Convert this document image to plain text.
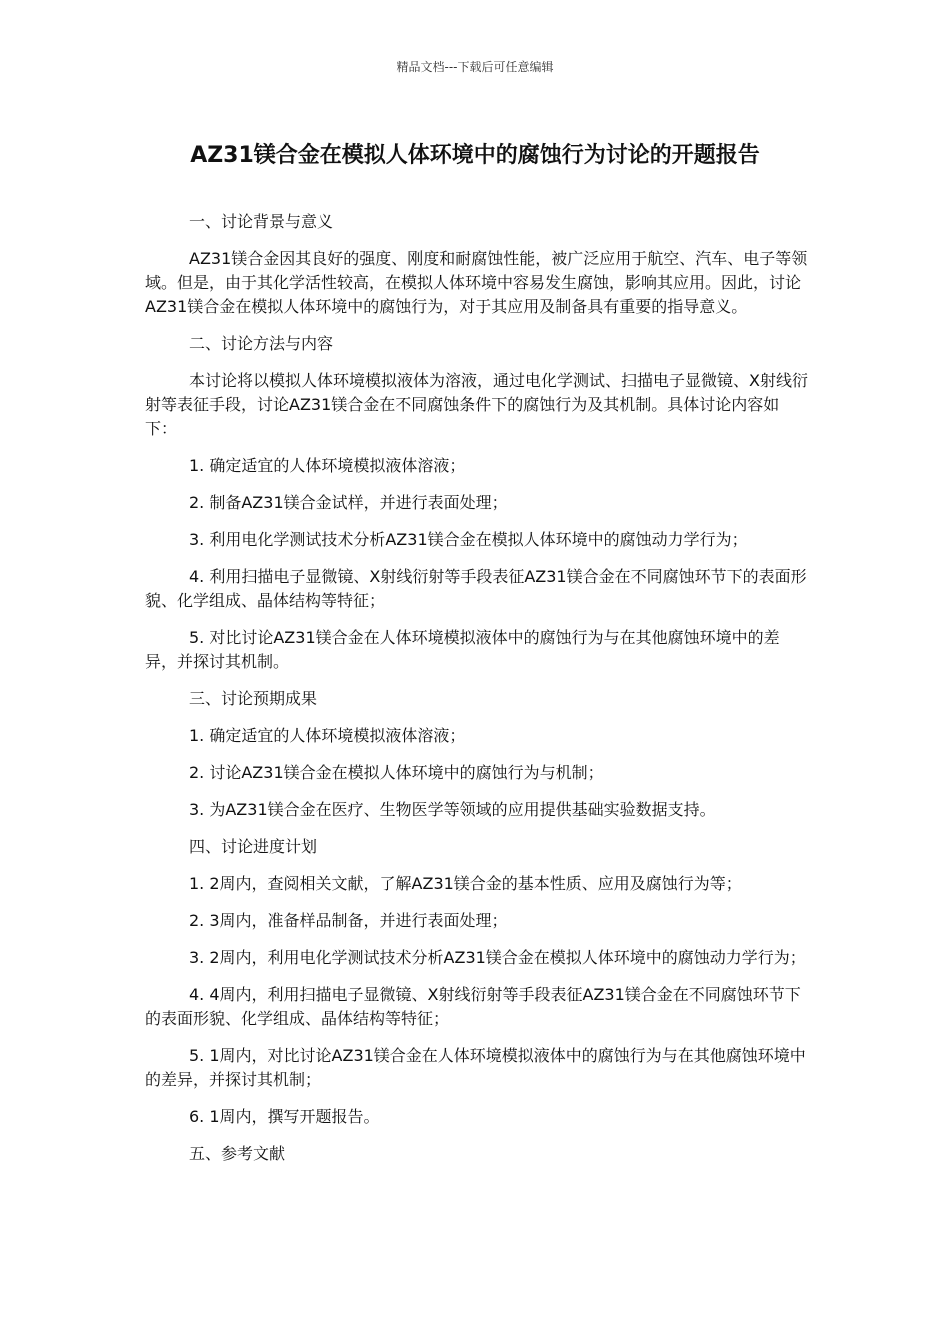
精品文档---下载后可任意编辑
AZ31镁合金在模拟人体环境中的腐蚀行为讨论的开题报告

一、讨论背景与意义

AZ31镁合金因其良好的强度、刚度和耐腐蚀性能，被广泛应用于航空、汽车、电子等领域。但是，由于其化学活性较高，在模拟人体环境中容易发生腐蚀，影响其应用。因此，讨论AZ31镁合金在模拟人体环境中的腐蚀行为，对于其应用及制备具有重要的指导意义。

二、讨论方法与内容

本讨论将以模拟人体环境模拟液体为溶液，通过电化学测试、扫描电子显微镜、X射线衍射等表征手段，讨论AZ31镁合金在不同腐蚀条件下的腐蚀行为及其机制。具体讨论内容如下：

1. 确定适宜的人体环境模拟液体溶液；

2. 制备AZ31镁合金试样，并进行表面处理；

3. 利用电化学测试技术分析AZ31镁合金在模拟人体环境中的腐蚀动力学行为；

4. 利用扫描电子显微镜、X射线衍射等手段表征AZ31镁合金在不同腐蚀环节下的表面形貌、化学组成、晶体结构等特征；

5. 对比讨论AZ31镁合金在人体环境模拟液体中的腐蚀行为与在其他腐蚀环境中的差异，并探讨其机制。

三、讨论预期成果

1. 确定适宜的人体环境模拟液体溶液；

2. 讨论AZ31镁合金在模拟人体环境中的腐蚀行为与机制；

3. 为AZ31镁合金在医疗、生物医学等领域的应用提供基础实验数据支持。

四、讨论进度计划

1. 2周内，查阅相关文献，了解AZ31镁合金的基本性质、应用及腐蚀行为等；

2. 3周内，准备样品制备，并进行表面处理；

3. 2周内，利用电化学测试技术分析AZ31镁合金在模拟人体环境中的腐蚀动力学行为；

4. 4周内，利用扫描电子显微镜、X射线衍射等手段表征AZ31镁合金在不同腐蚀环节下的表面形貌、化学组成、晶体结构等特征；

5. 1周内，对比讨论AZ31镁合金在人体环境模拟液体中的腐蚀行为与在其他腐蚀环境中的差异，并探讨其机制；

6. 1周内，撰写开题报告。

五、参考文献
